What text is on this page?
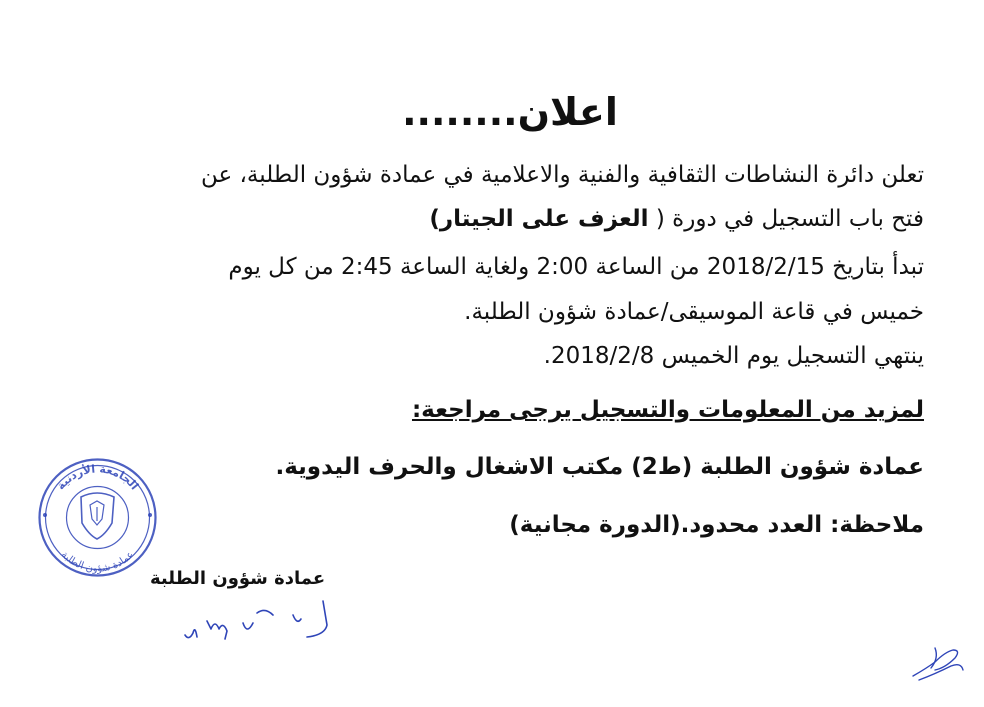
اعلان........
تعلن دائرة النشاطات الثقافية والفنية والاعلامية في عمادة شؤون الطلبة، عن
فتح باب التسجيل في دورة ( العزف على الجيتار)
تبدأ بتاريخ 2018/2/15 من الساعة 2:00 ولغاية الساعة 2:45 من كل يوم
خميس في قاعة الموسيقى/عمادة شؤون الطلبة.
ينتهي التسجيل يوم الخميس 2018/2/8.
لمزيد من المعلومات والتسجيل يرجى مراجعة:
عمادة شؤون الطلبة (ط2) مكتب الاشغال والحرف اليدوية.
ملاحظة: العدد محدود.(الدورة مجانية)
الجامعة الأردنية
عمادة شؤون الطلبة
عمادة شؤون الطلبة
